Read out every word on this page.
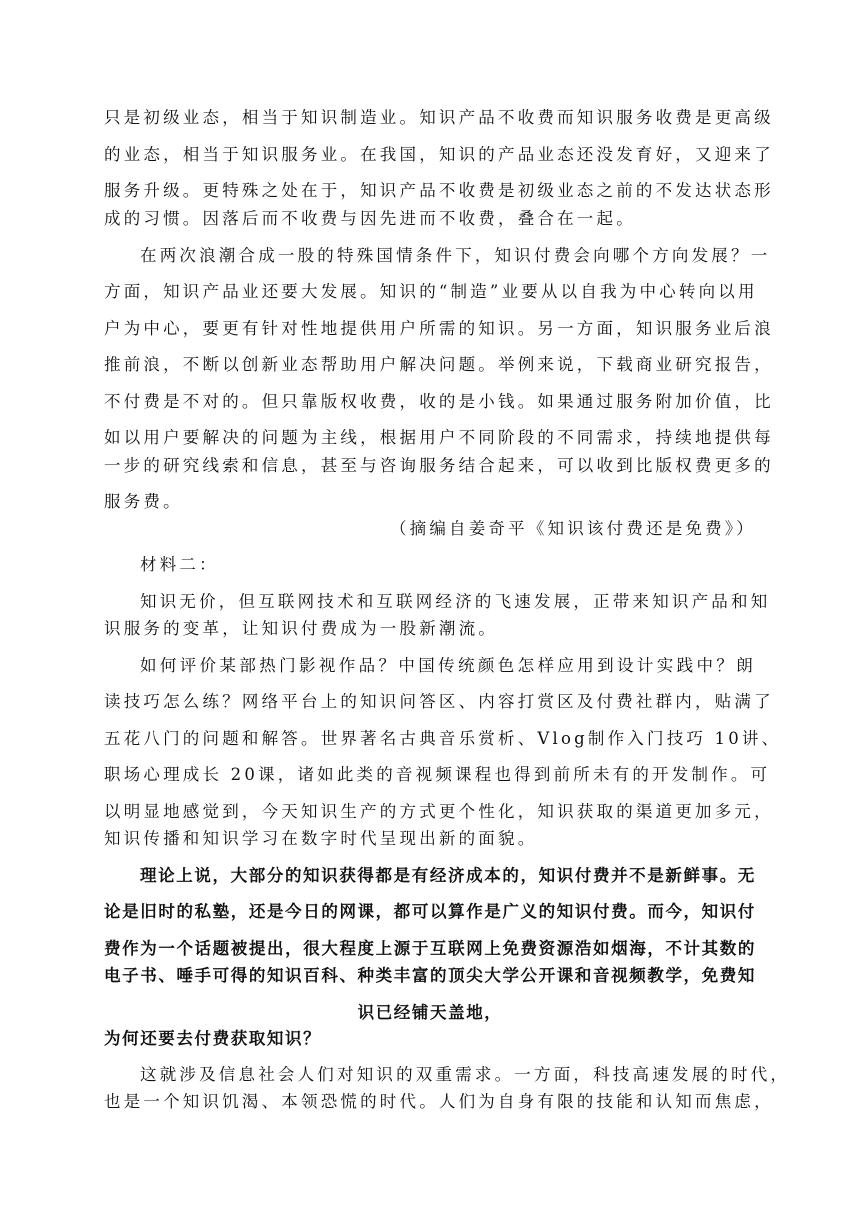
只是初级业态，相当于知识制造业。知识产品不收费而知识服务收费是更高级
的业态，相当于知识服务业。在我国，知识的产品业态还没发育好，又迎来了
服务升级。更特殊之处在于，知识产品不收费是初级业态之前的不发达状态形
成的习惯。因落后而不收费与因先进而不收费，叠合在一起。
在两次浪潮合成一股的特殊国情条件下，知识付费会向哪个方向发展？一
方面，知识产品业还要大发展。知识的“制造”业要从以自我为中心转向以用
户为中心，要更有针对性地提供用户所需的知识。另一方面，知识服务业后浪
推前浪，不断以创新业态帮助用户解决问题。举例来说，下载商业研究报告，
不付费是不对的。但只靠版权收费，收的是小钱。如果通过服务附加价值，比
如以用户要解决的问题为主线，根据用户不同阶段的不同需求，持续地提供每
一步的研究线索和信息，甚至与咨询服务结合起来，可以收到比版权费更多的
服务费。
（摘编自姜奇平《知识该付费还是免费》）
材料二：
知识无价，但互联网技术和互联网经济的飞速发展，正带来知识产品和知
识服务的变革，让知识付费成为一股新潮流。
如何评价某部热门影视作品？中国传统颜色怎样应用到设计实践中？朗
读技巧怎么练？网络平台上的知识问答区、内容打赏区及付费社群内，贴满了
五花八门的问题和解答。世界著名古典音乐赏析、Vlog制作入门技巧 10讲、
职场心理成长 20课，诸如此类的音视频课程也得到前所未有的开发制作。可
以明显地感觉到，今天知识生产的方式更个性化，知识获取的渠道更加多元，
知识传播和知识学习在数字时代呈现出新的面貌。
理论上说，大部分的知识获得都是有经济成本的，知识付费并不是新鲜事。无
论是旧时的私塾，还是今日的网课，都可以算作是广义的知识付费。而今，知识付
费作为一个话题被提出，很大程度上源于互联网上免费资源浩如烟海，不计其数的
电子书、唾手可得的知识百科、种类丰富的顶尖大学公开课和音视频教学，免费知
识已经铺天盖地，
为何还要去付费获取知识？
这就涉及信息社会人们对知识的双重需求。一方面，科技高速发展的时代，
也是一个知识饥渴、本领恐慌的时代。人们为自身有限的技能和认知而焦虑，
